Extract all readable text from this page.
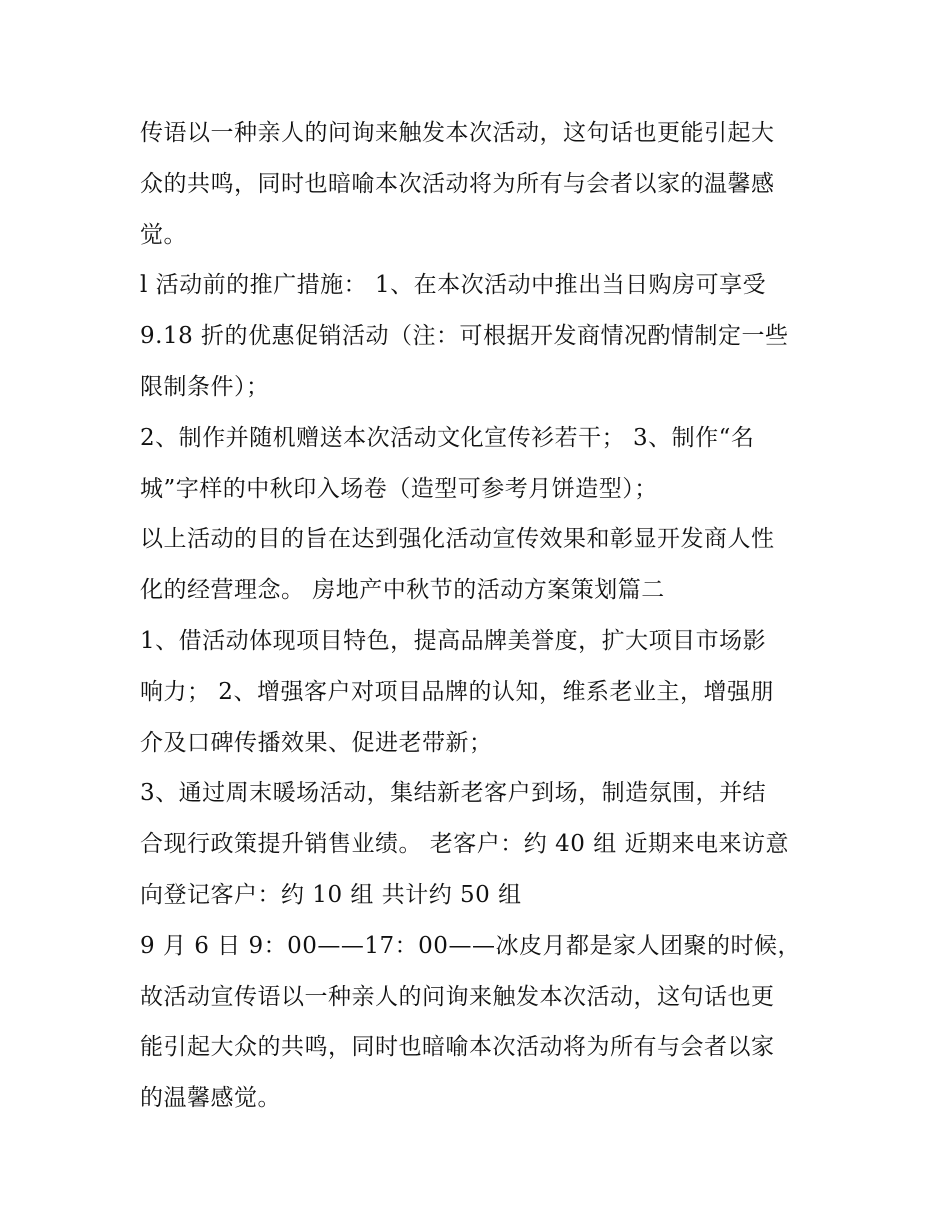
传语以一种亲人的问询来触发本次活动，这句话也更能引起大
众的共鸣，同时也暗喻本次活动将为所有与会者以家的温馨感
觉。
l 活动前的推广措施： 1、在本次活动中推出当日购房可享受
9.18 折的优惠促销活动（注：可根据开发商情况酌情制定一些
限制条件）；
2、制作并随机赠送本次活动文化宣传衫若干； 3、制作“名
城”字样的中秋印入场卷（造型可参考月饼造型）；
以上活动的目的旨在达到强化活动宣传效果和彰显开发商人性
化的经营理念。 房地产中秋节的活动方案策划篇二
1、借活动体现项目特色，提高品牌美誉度，扩大项目市场影
响力； 2、增强客户对项目品牌的认知，维系老业主，增强朋
介及口碑传播效果、促进老带新；
3、通过周末暖场活动，集结新老客户到场，制造氛围，并结
合现行政策提升销售业绩。 老客户：约 40 组 近期来电来访意
向登记客户：约 10 组 共计约 50 组
9 月 6 日 9：00——17：00——冰皮月都是家人团聚的时候，
故活动宣传语以一种亲人的问询来触发本次活动，这句话也更
能引起大众的共鸣，同时也暗喻本次活动将为所有与会者以家
的温馨感觉。
